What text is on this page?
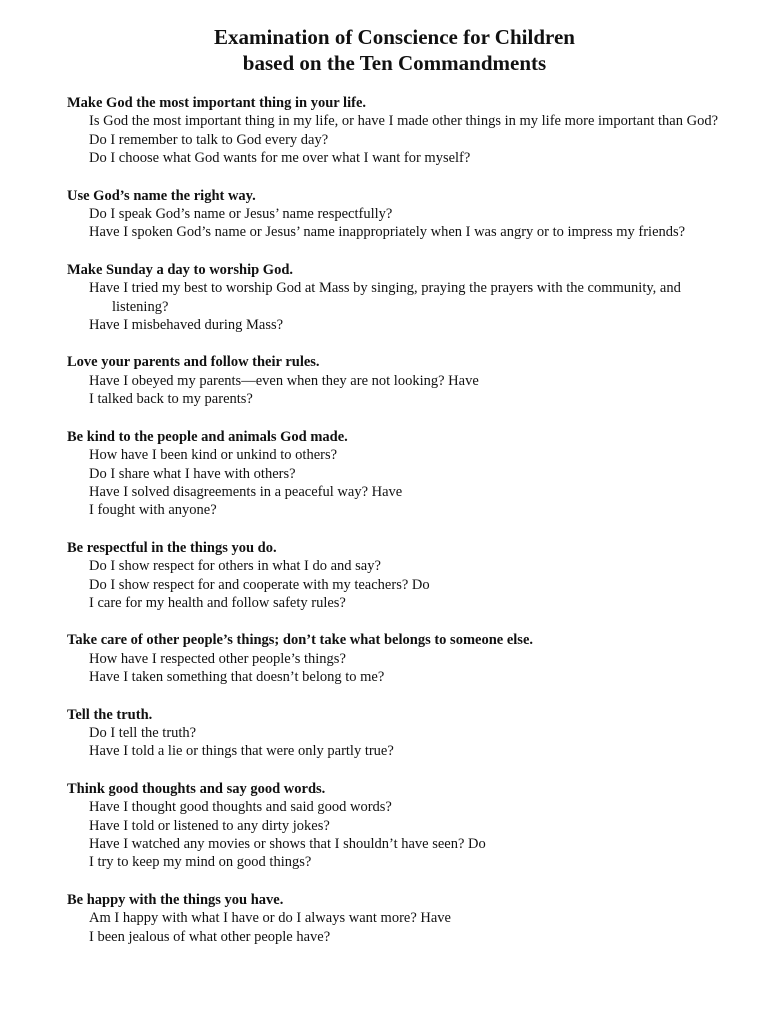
Examination of Conscience for Children
based on the Ten Commandments
Make God the most important thing in your life.
Is God the most important thing in my life, or have I made other things in my life more important than God?
Do I remember to talk to God every day?
Do I choose what God wants for me over what I want for myself?
Use God’s name the right way.
Do I speak God’s name or Jesus’ name respectfully?
Have I spoken God’s name or Jesus’ name inappropriately when I was angry or to impress my friends?
Make Sunday a day to worship God.
Have I tried my best to worship God at Mass by singing, praying the prayers with the community, and listening?
Have I misbehaved during Mass?
Love your parents and follow their rules.
Have I obeyed my parents—even when they are not looking? Have
I talked back to my parents?
Be kind to the people and animals God made.
How have I been kind or unkind to others?
Do I share what I have with others?
Have I solved disagreements in a peaceful way? Have
I fought with anyone?
Be respectful in the things you do.
Do I show respect for others in what I do and say?
Do I show respect for and cooperate with my teachers? Do
I care for my health and follow safety rules?
Take care of other people’s things; don’t take what belongs to someone else.
How have I respected other people’s things?
Have I taken something that doesn’t belong to me?
Tell the truth.
Do I tell the truth?
Have I told a lie or things that were only partly true?
Think good thoughts and say good words.
Have I thought good thoughts and said good words?
Have I told or listened to any dirty jokes?
Have I watched any movies or shows that I shouldn’t have seen? Do
I try to keep my mind on good things?
Be happy with the things you have.
Am I happy with what I have or do I always want more? Have
I been jealous of what other people have?
